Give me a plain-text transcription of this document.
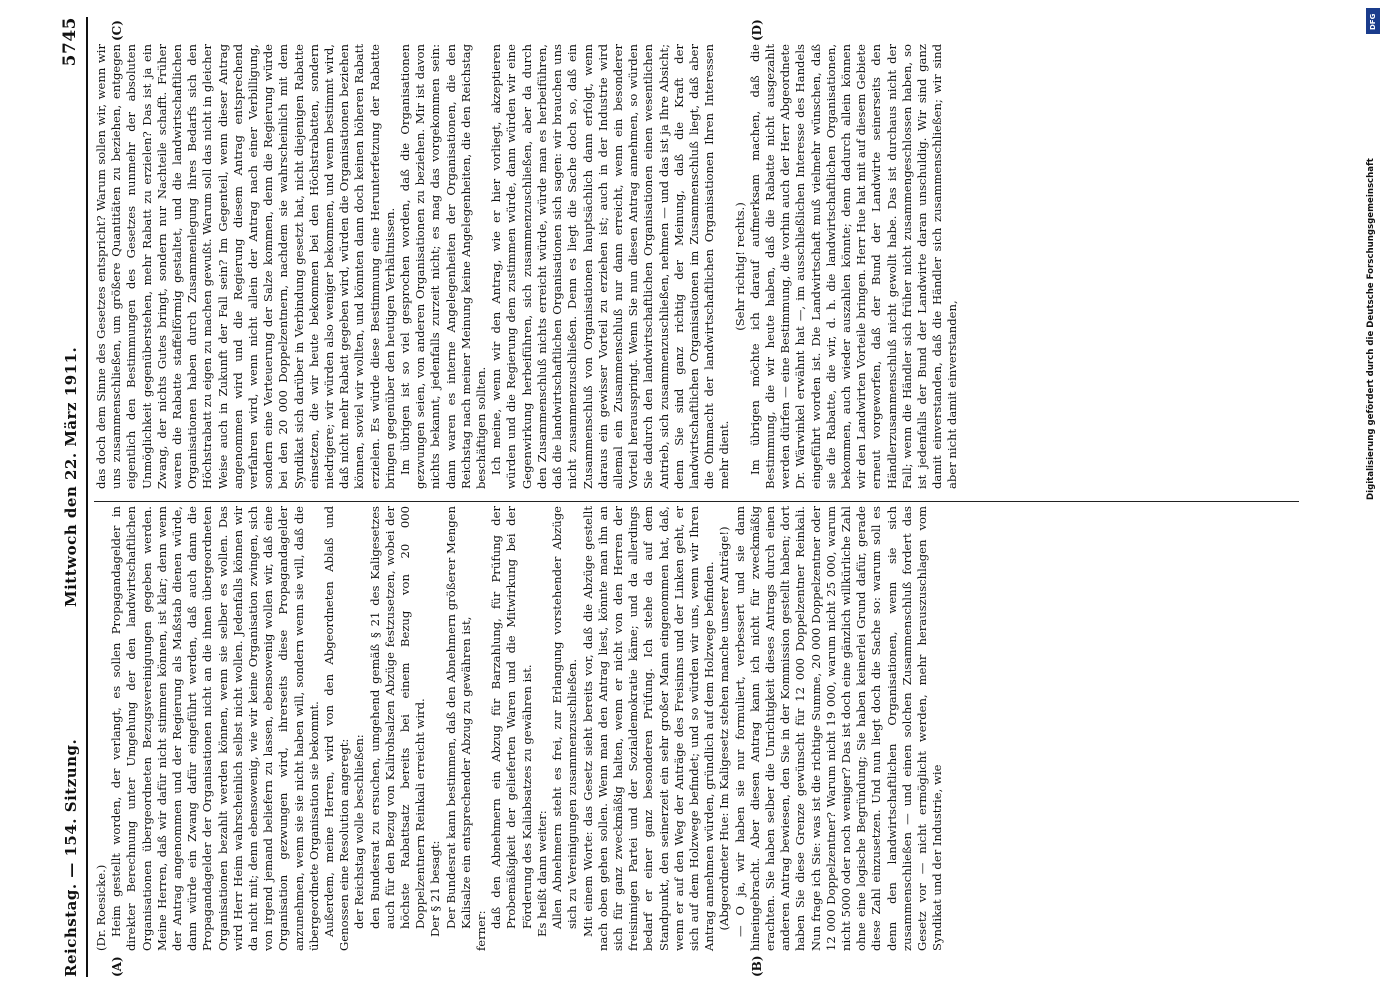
DFG
Digitalisierung gefördert durch die Deutsche Forschungsgemeinschaft
Reichstag. — 154. Sitzung.
Mittwoch den 22. März 1911.
5745
(A)	(B)
(C)	(D)

(Dr. Roesicke.) Heim gestellt worden, der verlangt, es sollen Propagandagelder in direkter Berechnung unter Umgehung der den landwirtschaftlichen Organisationen übergeordneten Bezugsvereinigungen gegeben werden. Meine Herren, daß wir dafür nicht stimmen können, ist klar; denn wenn der Antrag angenommen und der Regierung als Maßstab dienen würde, dann würde ein Zwang dafür eingeführt werden, daß auch dann die Propagandagelder der Organisationen nicht an die ihnen übergeordneten Organisationen bezahlt werden können, wenn sie selber es wollen. Das wird Herr Heim wahrscheinlich selbst nicht wollen. Jedenfalls können wir da nicht mit; denn ebensowenig, wie wir keine Organisation zwingen, sich von irgend jemand beliefern zu lassen, ebensowenig wollen wir, daß eine Organisation gezwungen wird, ihrerseits diese Propagandagelder anzunehmen, wenn sie sie nicht haben will, sondern wenn sie will, daß die übergeordnete Organisation sie bekommt. Außerdem, meine Herren, wird von den Abgeordneten Ablaß und Genossen eine Resolution angeregt: der Reichstag wolle beschließen: den Bundesrat zu ersuchen, umgehend gemäß § 21 des Kaligesetzes auch für den Bezug von Kalirohsalzen Abzüge festzusetzen, wobei der höchste Rabattsatz bereits bei einem Bezug von 20 000 Doppelzentnern Reinkali erreicht wird. Der § 21 besagt: Der Bundesrat kann bestimmen, daß den Abnehmern größerer Mengen Kalisalze ein entsprechender Abzug zu gewähren ist,

ferner:

daß den Abnehmern ein Abzug für Barzahlung, für Prüfung der Probemäßigkeit der gelieferten Waren und die Mitwirkung bei der Förderung des Kaliabsatzes zu gewähren ist. Es heißt dann weiter: Allen Abnehmern steht es frei, zur Erlangung vorstehender Abzüge sich zu Vereinigungen zusammenzuschließen. Mit einem Worte: das Gesetz sieht bereits vor, daß die Abzüge gestellt nach oben gehen sollen. Wenn man den Antrag liest, könnte man ihn an sich für ganz zweckmäßig halten, wenn er nicht von den Herren der freisinnigen Partei und der Sozialdemokratie käme; und da allerdings bedarf er einer ganz besonderen Prüfung. Ich stehe da auf dem Standpunkt, den seinerzeit ein sehr großer Mann eingenommen hat, daß, wenn er auf den Weg der Anträge des Freisinns und der Linken geht, er sich auf dem Holzwege befindet; und so würden wir uns, wenn wir Ihren Antrag annehmen würden, gründlich auf dem Holzwege befinden. (Abgeordneter Hue: Im Kaligesetz stehen manche unserer Anträge!) — O ja, wir haben sie nur formuliert, verbessert und sie dann hineingebracht. Aber diesen Antrag kann ich nicht für zweckmäßig erachten. Sie haben selber die Unrichtigkeit dieses Antrags durch einen anderen Antrag bewiesen, den Sie in der Kommission gestellt haben; dort haben Sie diese Grenze gewünscht für 12 000 Doppelzentner Reinkali. Nun frage ich Sie: was ist die richtige Summe, 20 000 Doppelzentner oder 12 000 Doppelzentner? Warum nicht 19 000, warum nicht 25 000, warum nicht 5000 oder noch weniger? Das ist doch eine gänzlich willkürliche Zahl ohne eine logische Begründung; Sie haben keinerlei Grund dafür, gerade diese Zahl einzusetzen. Und nun liegt doch die Sache so: warum soll es denn den landwirtschaftlichen Organisationen, wenn sie sich zusammenschließen — und einen solchen Zusammenschluß fordert das Gesetz vor — nicht ermöglicht werden, mehr herauszuschlagen vom Syndikat und der Industrie, wie

das doch dem Sinne des Gesetzes entspricht? Warum sollen wir, wenn wir uns zusammenschließen, um größere Quantitäten zu beziehen, entgegen eigentlich den Bestimmungen des Gesetzes nunmehr der absoluten Unmöglichkeit gegenüberstehen, mehr Rabatt zu erzielen? Das ist ja ein Zwang, der nichts Gutes bringt, sondern nur Nachteile schafft. Früher waren die Rabatte staffelförmig gestaltet, und die landwirtschaftlichen Organisationen haben durch Zusammenlegung ihres Bedarfs sich den Höchstrabatt zu eigen zu machen gewußt. Warum soll das nicht in gleicher Weise auch in Zukunft der Fall sein? Im Gegenteil, wenn dieser Antrag angenommen wird und die Regierung diesem Antrag entsprechend verfahren wird, wenn nicht allein der Antrag nach einer Verbilligung, sondern eine Verteuerung der Salze kommen, denn die Regierung würde bei den 20 000 Doppelzentnern, nachdem sie wahrscheinlich mit dem Syndikat sich darüber in Verbindung gesetzt hat, nicht diejenigen Rabatte einsetzen, die wir heute bekommen bei den Höchstrabatten, sondern niedrigere; wir würden also weniger bekommen, und wenn bestimmt wird, daß nicht mehr Rabatt gegeben wird, würden die Organisationen beziehen können, soviel wir wollten, und könnten dann doch keinen höheren Rabatt erzielen. Es würde diese Bestimmung eine Herunterfetzung der Rabatte bringen gegenüber den heutigen Verhältnissen. Im übrigen ist so viel gesprochen worden, daß die Organisationen gezwungen seien, von anderen Organisationen zu beziehen. Mir ist davon nichts bekannt, jedenfalls zurzeit nicht; es mag das vorgekommen sein: dann waren es interne Angelegenheiten der Organisationen, die den Reichstag nach meiner Meinung keine Angelegenheiten, die den Reichstag beschäftigen sollten. Ich meine, wenn wir den Antrag, wie er hier vorliegt, akzeptieren würden und die Regierung dem zustimmen würde, dann würden wir eine Gegenwirkung herbeiführen, sich zusammenzuschließen, aber da durch den Zusammenschluß nichts erreicht würde, würde man es herbeiführen, daß die landwirtschaftlichen Organisationen sich sagen: wir brauchen uns nicht zusammenzuschließen. Denn es liegt die Sache doch so, daß ein Zusammenschluß von Organisationen hauptsächlich dann erfolgt, wenn daraus ein gewisser Vorteil zu erziehen ist; auch in der Industrie wird allemal ein Zusammenschluß nur dann erreicht, wenn ein besonderer Vorteil herausspringt. Wenn Sie nun diesen Antrag annehmen, so würden Sie dadurch den landwirtschaftlichen Organisationen einen wesentlichen Antrieb, sich zusammenzuschließen, nehmen — und das ist ja Ihre Absicht; denn Sie sind ganz richtig der Meinung, daß die Kraft der landwirtschaftlichen Organisationen im Zusammenschluß liegt, daß aber die Ohnmacht der landwirtschaftlichen Organisationen Ihren Interessen mehr dient.

(Sehr richtig! rechts.) Im übrigen möchte ich darauf aufmerksam machen, daß die Bestimmung, die wir heute haben, daß die Rabatte nicht ausgezahlt werden dürfen — eine Bestimmung, die vorhin auch der Herr Abgeordnete Dr. Wärwinkel erwähnt hat —, im ausschließlichen Interesse des Handels eingeführt worden ist. Die Landwirtschaft muß vielmehr wünschen, daß sie die Rabatte, die wir, d. h. die landwirtschaftlichen Organisationen, bekommen, auch wieder auszahlen könnte; denn dadurch allein können wir den Landwirten Vorteile bringen. Herr Hue hat mit auf diesem Gebiete erneut vorgeworfen, daß der Bund der Landwirte seinerseits den Händlerzusammenschluß nicht gewollt habe. Das ist durchaus nicht der Fall; wenn die Händler sich früher nicht zusammengeschlossen haben, so ist jedenfalls der Bund der Landwirte daran unschuldig. Wir sind ganz damit einverstanden, daß die Händler sich zusammenschließen; wir sind aber nicht damit einverstanden,
